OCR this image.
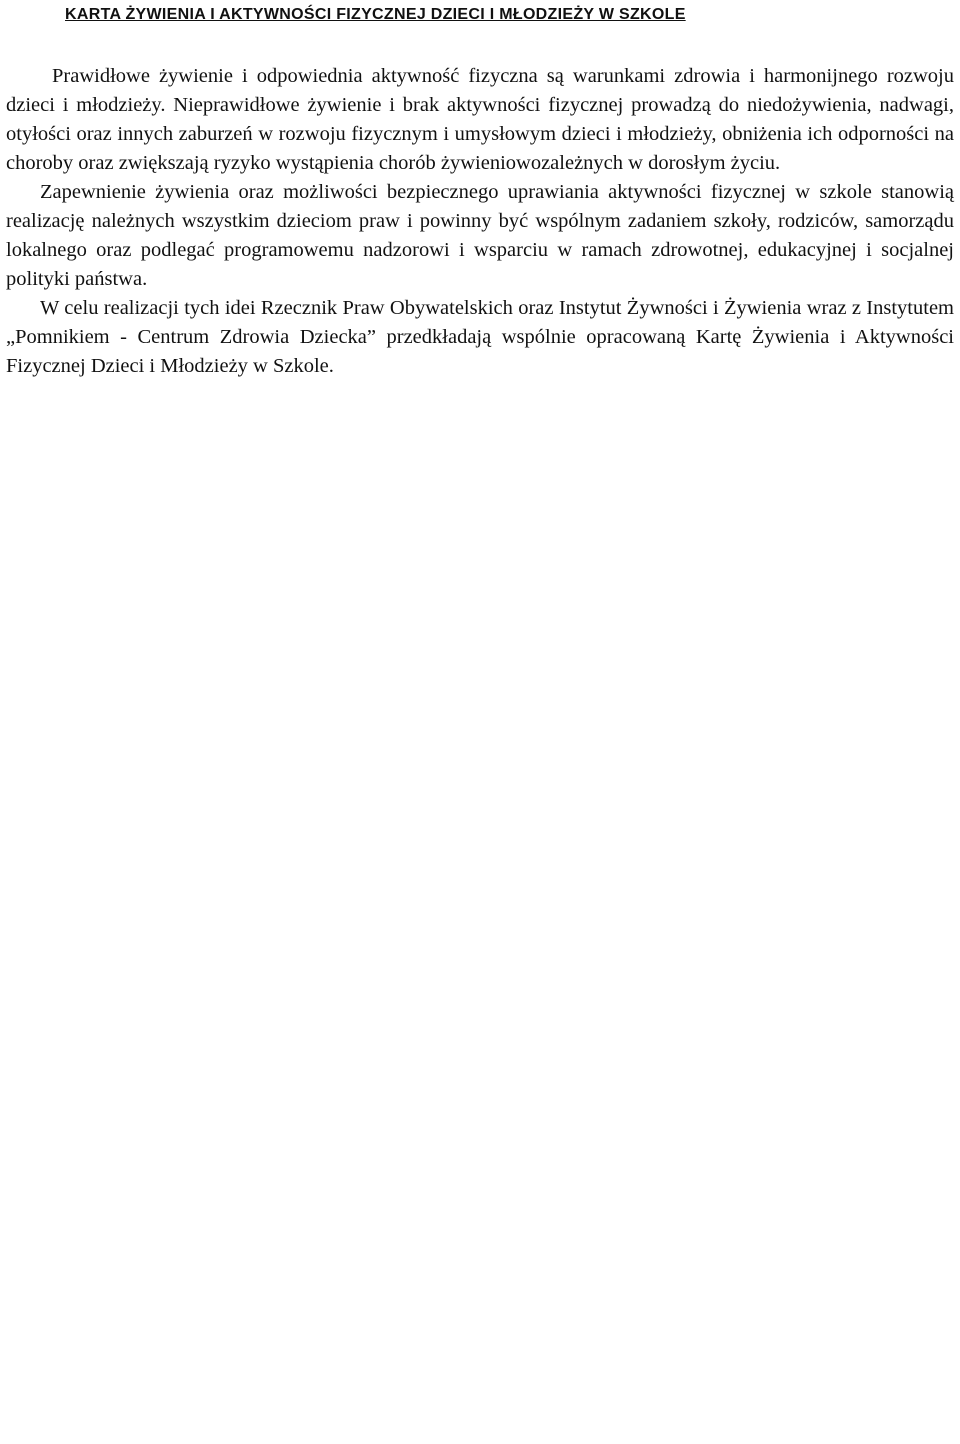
KARTA ŻYWIENIA I AKTYWNOŚCI FIZYCZNEJ DZIECI I MŁODZIEŻY W SZKOLE

Prawidłowe żywienie i odpowiednia aktywność fizyczna są warunkami zdrowia i harmonijnego rozwoju dzieci i młodzieży. Nieprawidłowe żywienie i brak aktywności fizycznej prowadzą do niedożywienia, nadwagi, otyłości oraz innych zaburzeń w rozwoju fizycznym i umysłowym dzieci i młodzieży, obniżenia ich odporności na choroby oraz zwiększają ryzyko wystąpienia chorób żywieniowozależnych w dorosłym życiu.

Zapewnienie żywienia oraz możliwości bezpiecznego uprawiania aktywności fizycznej w szkole stanowią realizację należnych wszystkim dzieciom praw i powinny być wspólnym zadaniem szkoły, rodziców, samorządu lokalnego oraz podlegać programowemu nadzorowi i wsparciu w ramach zdrowotnej, edukacyjnej i socjalnej polityki państwa.

W celu realizacji tych idei Rzecznik Praw Obywatelskich oraz Instytut Żywności i Żywienia wraz z Instytutem „Pomnikiem - Centrum Zdrowia Dziecka” przedkładają wspólnie opracowaną Kartę Żywienia i Aktywności Fizycznej Dzieci i Młodzieży w Szkole.
